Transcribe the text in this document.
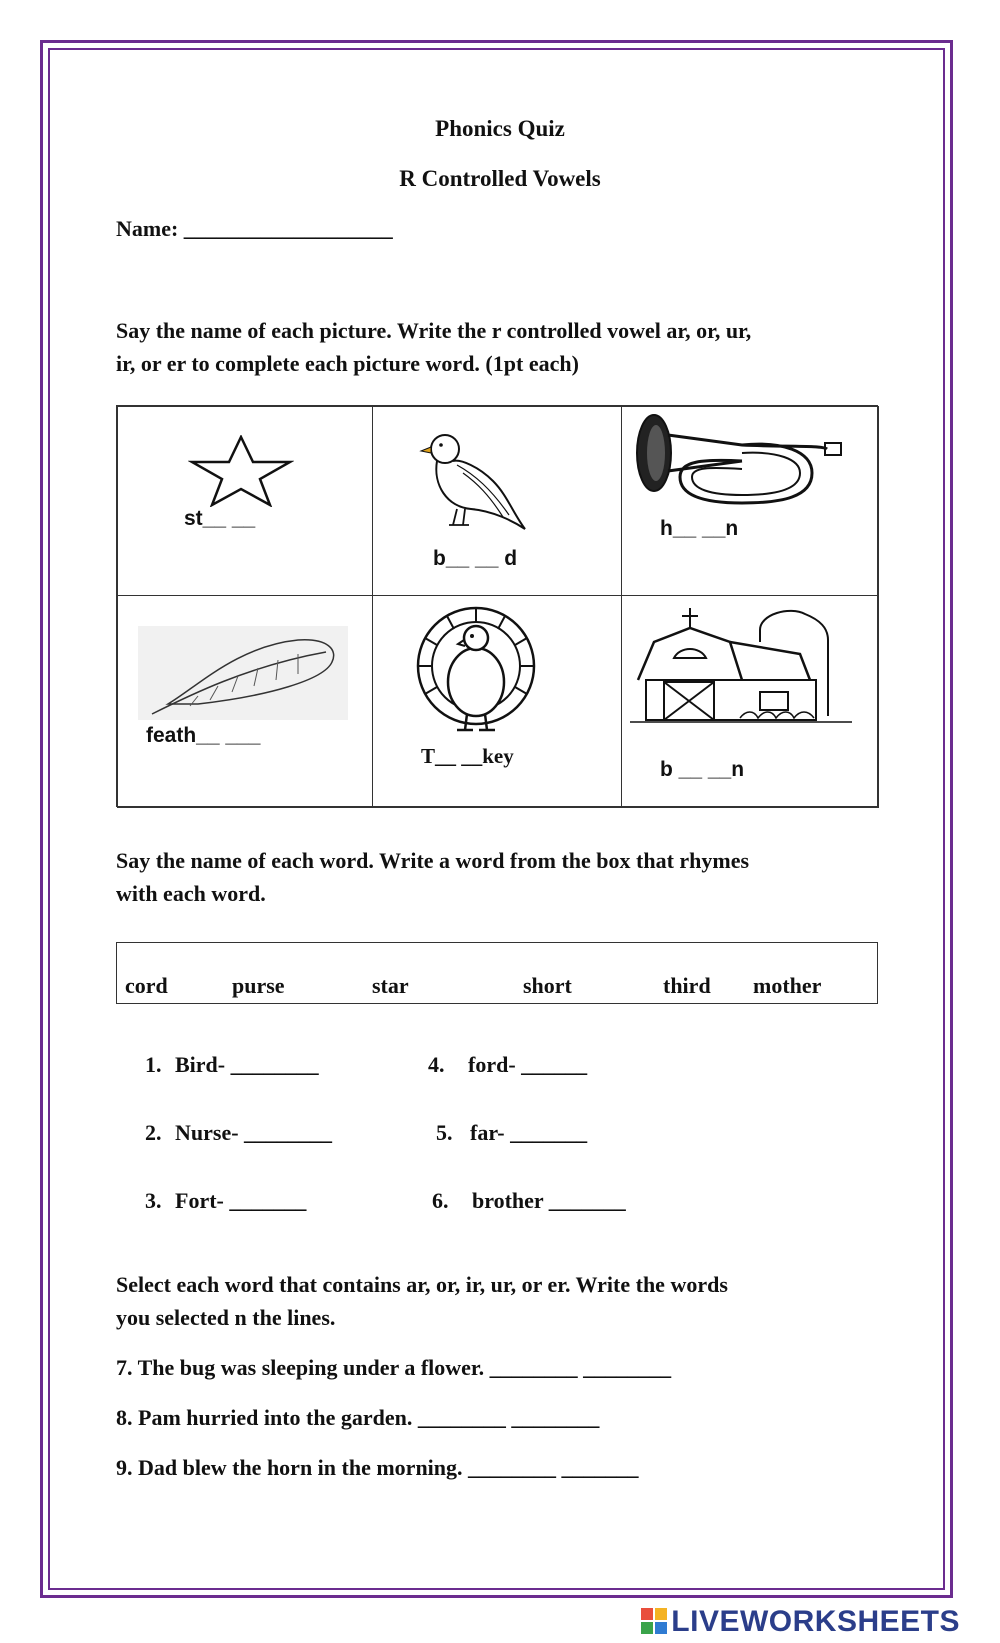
Phonics Quiz
R Controlled Vowels
Name: ___________________
Say the name of each picture. Write the r controlled vowel ar, or, ur,
ir, or er to complete each picture word. (1pt each)
st__ __
b__ __ d
h__ __n
feath__ ___
T__ __key
b __ __n
Say the name of each word. Write a word from the box that rhymes
with each word.
cord	purse	star	short	third mother
1. Bird- ________
2. Nurse- ________
3. Fort- _______
4. ford- ______
5. far- _______
6. brother _______
Select each word that contains ar, or, ir, ur, or er. Write the words
you selected n the lines.
7. The bug was sleeping under a flower. ________ ________
8. Pam hurried into the garden. ________ ________
9. Dad blew the horn in the morning. ________ _______
LIVEWORKSHEETS
